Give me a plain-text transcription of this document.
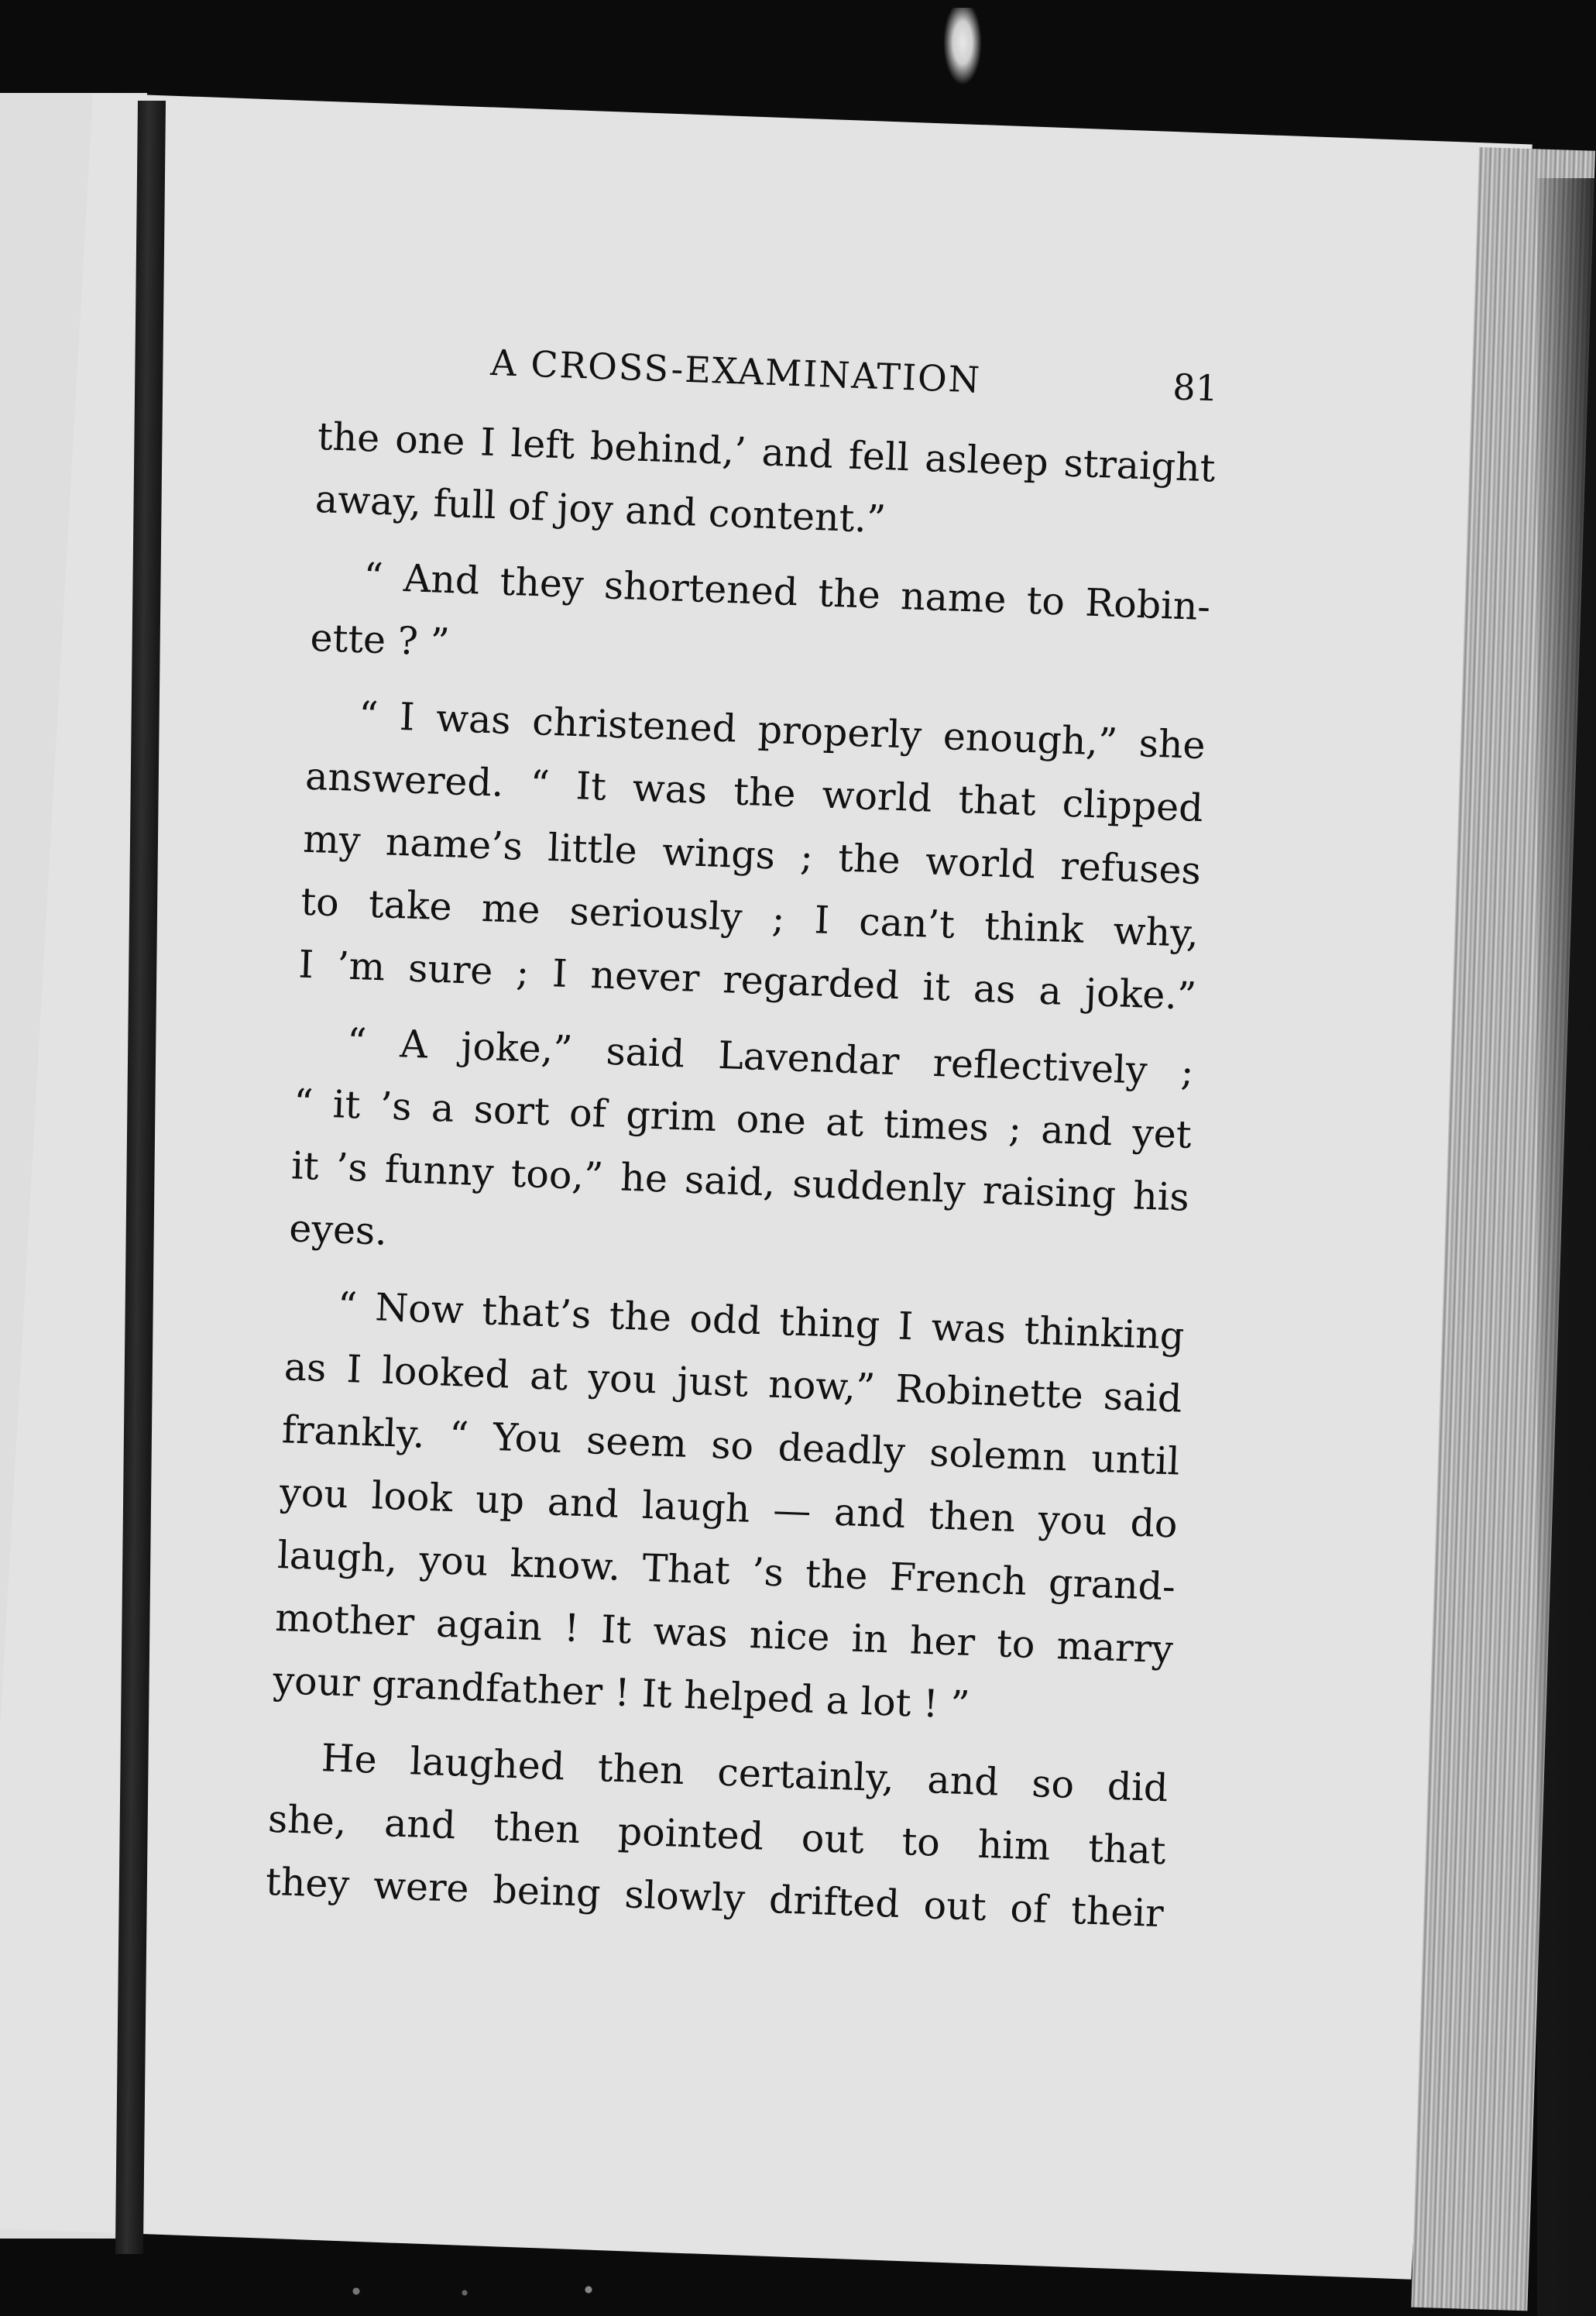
A CROSS-EXAMINATION	81

the one I left behind,’ and fell asleep straight

away, full of joy and content.”

“ And they shortened the name to Robin-

ette ? ”

“ I was christened properly enough,” she

answered. “ It was the world that clipped

my name’s little wings ; the world refuses

to take me seriously ; I can’t think why,

I ’m sure ; I never regarded it as a joke.”

“ A joke,” said Lavendar reflectively ;

“ it ’s a sort of grim one at times ; and yet

it ’s funny too,” he said, suddenly raising his

eyes.

“ Now that’s the odd thing I was thinking

as I looked at you just now,” Robinette said

frankly. “ You seem so deadly solemn until

you look up and laugh — and then you do

laugh, you know. That ’s the French grand-

mother again ! It was nice in her to marry

your grandfather ! It helped a lot ! ”

He laughed then certainly, and so did

she, and then pointed out to him that

they were being slowly drifted out of their
